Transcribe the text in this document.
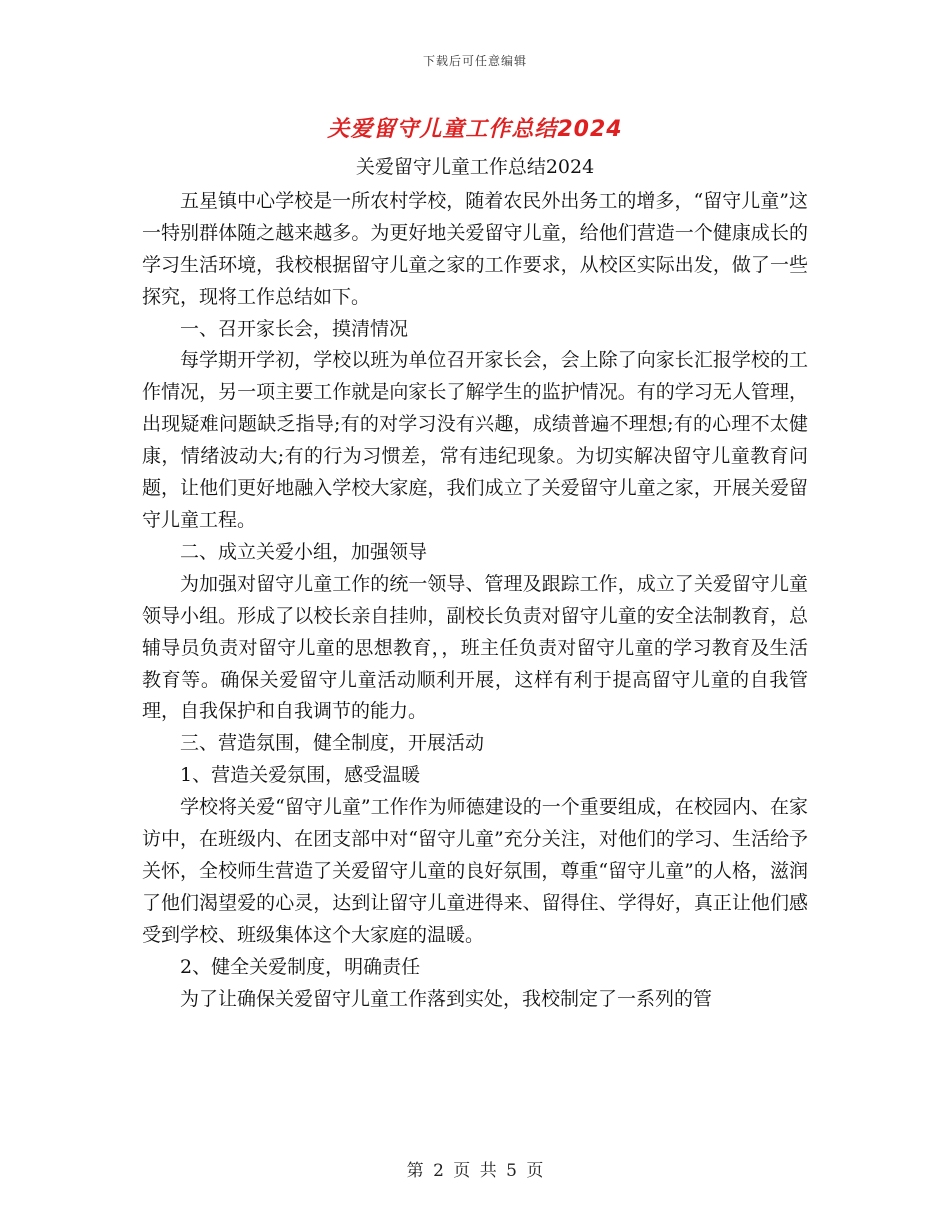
下载后可任意编辑
关爱留守儿童工作总结2024

关爱留守儿童工作总结2024

五星镇中心学校是一所农村学校，随着农民外出务工的增多，“留守儿童”这一特别群体随之越来越多。为更好地关爱留守儿童，给他们营造一个健康成长的学习生活环境，我校根据留守儿童之家的工作要求，从校区实际出发，做了一些探究，现将工作总结如下。

一、召开家长会，摸清情况

每学期开学初，学校以班为单位召开家长会，会上除了向家长汇报学校的工作情况，另一项主要工作就是向家长了解学生的监护情况。有的学习无人管理，出现疑难问题缺乏指导;有的对学习没有兴趣，成绩普遍不理想;有的心理不太健康，情绪波动大;有的行为习惯差，常有违纪现象。为切实解决留守儿童教育问题，让他们更好地融入学校大家庭，我们成立了关爱留守儿童之家，开展关爱留守儿童工程。

二、成立关爱小组，加强领导

为加强对留守儿童工作的统一领导、管理及跟踪工作，成立了关爱留守儿童领导小组。形成了以校长亲自挂帅，副校长负责对留守儿童的安全法制教育，总辅导员负责对留守儿童的思想教育，，班主任负责对留守儿童的学习教育及生活教育等。确保关爱留守儿童活动顺利开展，这样有利于提高留守儿童的自我管理，自我保护和自我调节的能力。

三、营造氛围，健全制度，开展活动

1、营造关爱氛围，感受温暖

学校将关爱“留守儿童”工作作为师德建设的一个重要组成，在校园内、在家访中，在班级内、在团支部中对“留守儿童”充分关注，对他们的学习、生活给予关怀，全校师生营造了关爱留守儿童的良好氛围，尊重“留守儿童”的人格，滋润了他们渴望爱的心灵，达到让留守儿童进得来、留得住、学得好，真正让他们感受到学校、班级集体这个大家庭的温暖。

2、健全关爱制度，明确责任

为了让确保关爱留守儿童工作落到实处，我校制定了一系列的管

第 2 页 共 5 页
